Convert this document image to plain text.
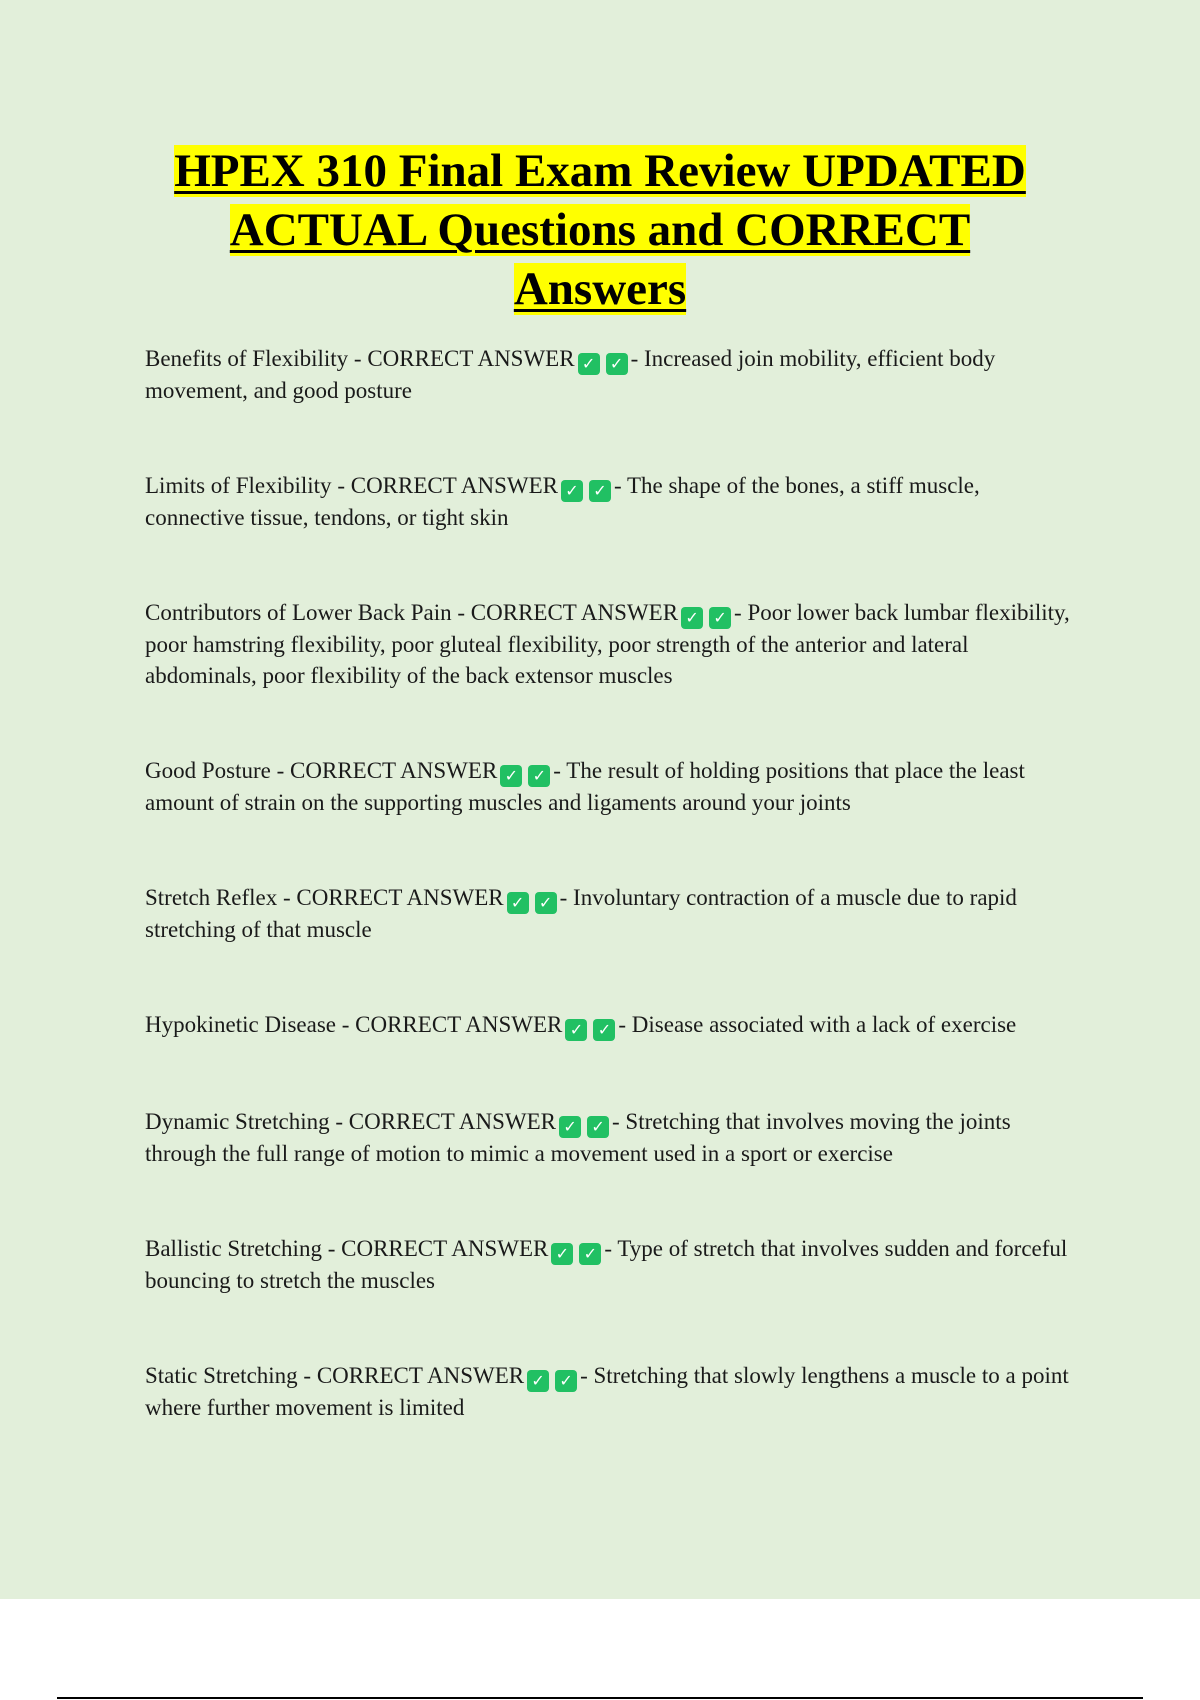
HPEX 310 Final Exam Review UPDATED
ACTUAL Questions and CORRECT
Answers
Benefits of Flexibility - CORRECT ANSWER ✓ ✓ - Increased join mobility, efficient body movement, and good posture
Limits of Flexibility - CORRECT ANSWER ✓ ✓ - The shape of the bones, a stiff muscle, connective tissue, tendons, or tight skin
Contributors of Lower Back Pain - CORRECT ANSWER ✓ ✓ - Poor lower back lumbar flexibility, poor hamstring flexibility, poor gluteal flexibility, poor strength of the anterior and lateral abdominals, poor flexibility of the back extensor muscles
Good Posture - CORRECT ANSWER ✓ ✓ - The result of holding positions that place the least amount of strain on the supporting muscles and ligaments around your joints
Stretch Reflex - CORRECT ANSWER ✓ ✓ - Involuntary contraction of a muscle due to rapid stretching of that muscle
Hypokinetic Disease - CORRECT ANSWER ✓ ✓ - Disease associated with a lack of exercise
Dynamic Stretching - CORRECT ANSWER ✓ ✓ - Stretching that involves moving the joints through the full range of motion to mimic a movement used in a sport or exercise
Ballistic Stretching - CORRECT ANSWER ✓ ✓ - Type of stretch that involves sudden and forceful bouncing to stretch the muscles
Static Stretching - CORRECT ANSWER ✓ ✓ - Stretching that slowly lengthens a muscle to a point where further movement is limited
